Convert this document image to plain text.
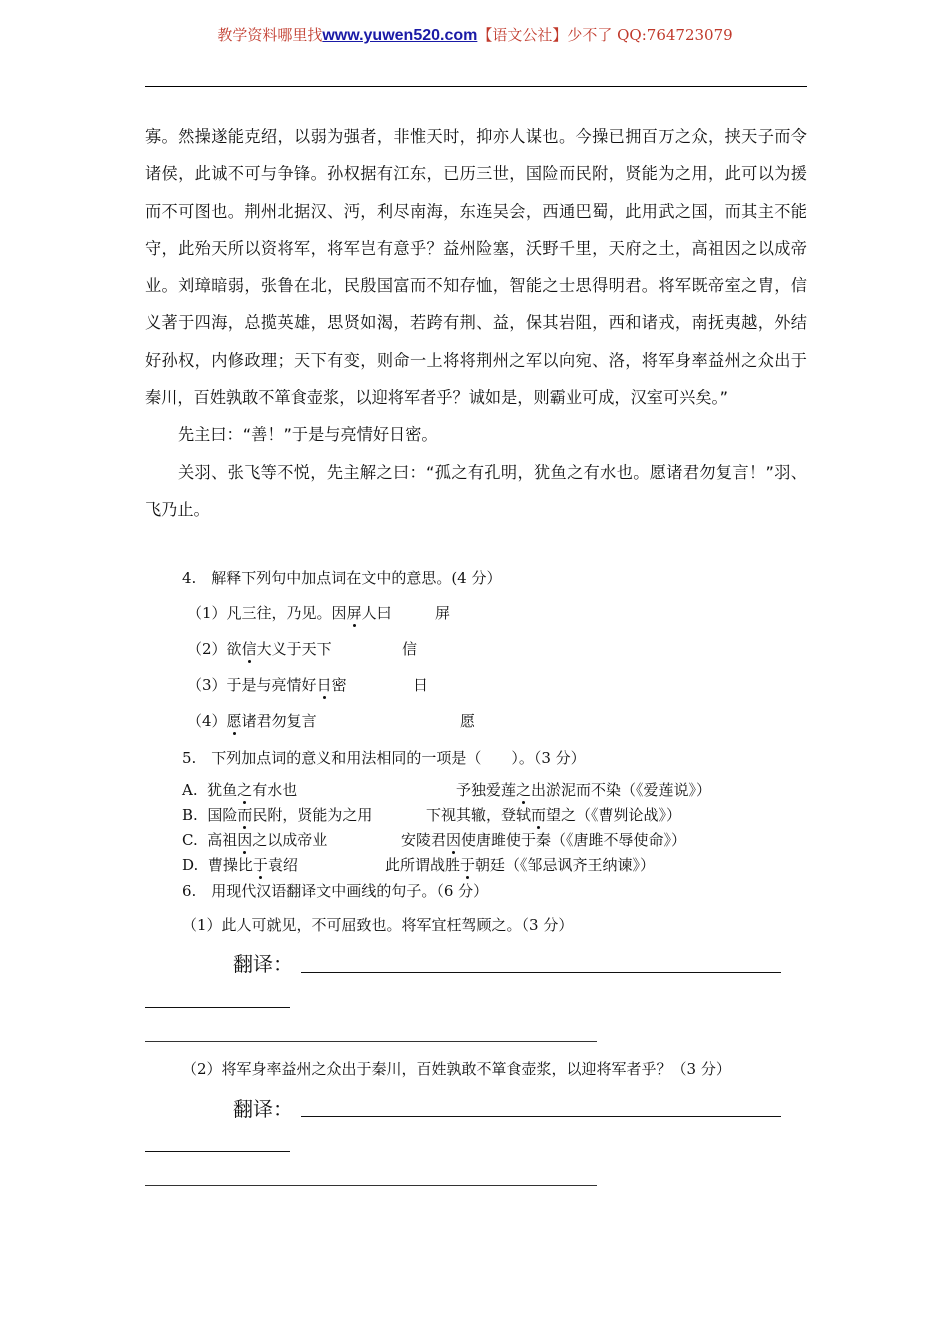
教学资料哪里找www.yuwen520.com【语文公社】少不了 QQ:764723079

寡。然操遂能克绍，以弱为强者，非惟天时，抑亦人谋也。今操已拥百万之众，挟天子而令诸侯，此诚不可与争锋。孙权据有江东，已历三世，国险而民附，贤能为之用，此可以为援而不可图也。荆州北据汉、沔，利尽南海，东连吴会，西通巴蜀，此用武之国，而其主不能守，此殆天所以资将军，将军岂有意乎？益州险塞，沃野千里，天府之土，高祖因之以成帝业。刘璋暗弱，张鲁在北，民殷国富而不知存恤，智能之士思得明君。将军既帝室之胄，信义著于四海，总揽英雄，思贤如渴，若跨有荆、益，保其岩阻，西和诸戎，南抚夷越，外结好孙权，内修政理；天下有变，则命一上将将荆州之军以向宛、洛，将军身率益州之众出于秦川，百姓孰敢不箪食壶浆，以迎将军者乎？诚如是，则霸业可成，汉室可兴矣。”

先主曰：“善！”于是与亮情好日密。

关羽、张飞等不悦，先主解之曰：“孤之有孔明，犹鱼之有水也。愿诸君勿复言！”羽、飞乃止。

4.　解释下列句中加点词在文中的意思。(4 分）
（1）凡三往，乃见。因屏人曰	屏
（2）欲信大义于天下	信
（3）于是与亮情好日密	日
（4）愿诸君勿复言	愿
5.　下列加点词的意义和用法相同的一项是（　　）。（3 分）
A. 犹鱼之有水也	予独爱莲之出淤泥而不染（《爱莲说》）
B. 国险而民附，贤能为之用	下视其辙，登轼而望之（《曹刿论战》）
C. 高祖因之以成帝业	安陵君因使唐雎使于秦（《唐雎不辱使命》）
D. 曹操比于袁绍	此所谓战胜于朝廷（《邹忌讽齐王纳谏》）
6.　用现代汉语翻译文中画线的句子。（6 分）
（1）此人可就见，不可屈致也。将军宜枉驾顾之。（3 分）
翻译：
（2）将军身率益州之众出于秦川，百姓孰敢不箪食壶浆，以迎将军者乎？（3 分）
翻译：
